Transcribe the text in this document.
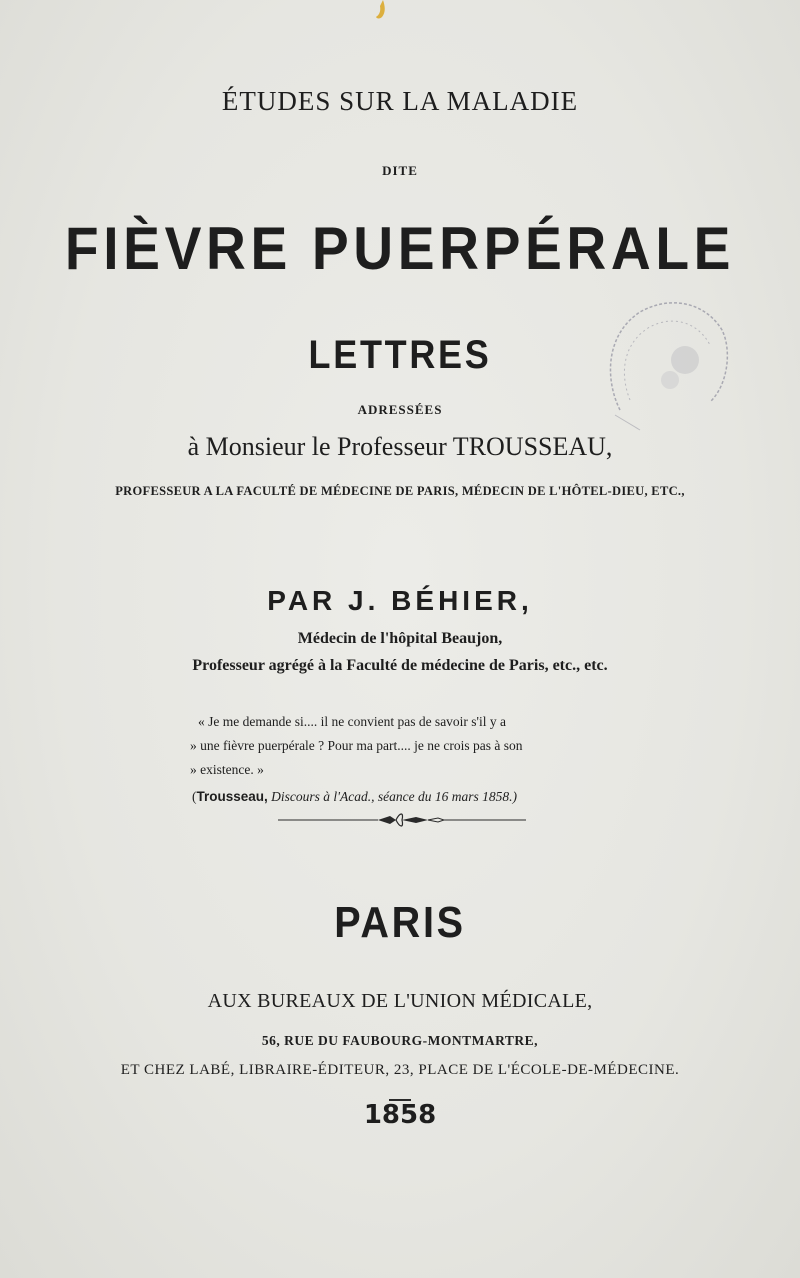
ÉTUDES SUR LA MALADIE
DITE
FIÈVRE PUERPÉRALE
LETTRES
ADRESSÉES
à Monsieur le Professeur TROUSSEAU,
PROFESSEUR A LA FACULTÉ DE MÉDECINE DE PARIS, MÉDECIN DE L'HÔTEL-DIEU, ETC.,
PAR J. BÉHIER,
Médecin de l'hôpital Beaujon,
Professeur agrégé à la Faculté de médecine de Paris, etc., etc.
« Je me demande si.... il ne convient pas de savoir s'il y a
» une fièvre puerpérale ? Pour ma part.... je ne crois pas à son
» existence. »
(Trousseau, Discours à l'Acad., séance du 16 mars 1858.)
PARIS
AUX BUREAUX DE L'UNION MÉDICALE,
56, RUE DU FAUBOURG-MONTMARTRE,
ET CHEZ LABÉ, LIBRAIRE-ÉDITEUR, 23, PLACE DE L'ÉCOLE-DE-MÉDECINE.
1858
